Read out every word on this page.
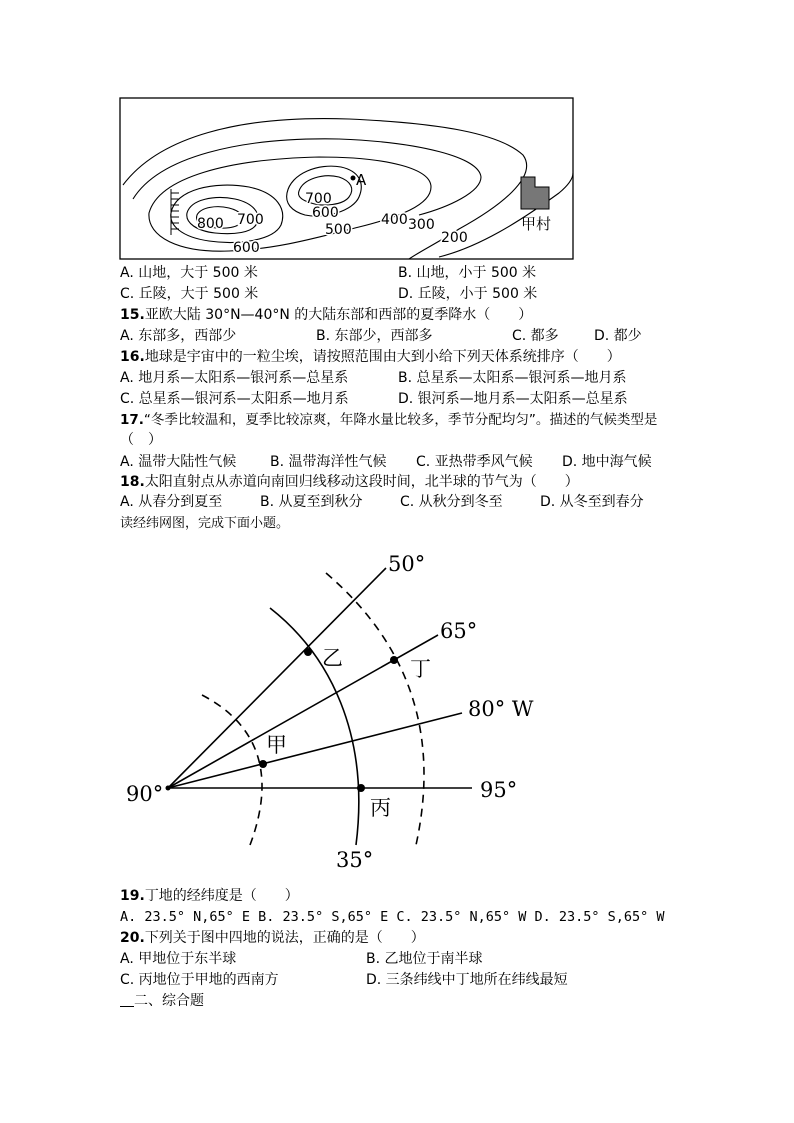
A
800 700
600
700
600
500
400 300
200
甲村
A. 山地，大于 500 米	B. 山地，小于 500 米
C. 丘陵，大于 500 米	D. 丘陵，小于 500 米
15.亚欧大陆 30°N—40°N 的大陆东部和西部的夏季降水（　　）
A. 东部多，西部少	B. 东部少，西部多	C. 都多	D. 都少
16.地球是宇宙中的一粒尘埃，请按照范围由大到小给下列天体系统排序（　　）
A. 地月系—太阳系—银河系—总星系	B. 总星系—太阳系—银河系—地月系
C. 总星系—银河系—太阳系—地月系	D. 银河系—地月系—太阳系—总星系
17.“冬季比较温和，夏季比较凉爽，年降水量比较多，季节分配均匀”。描述的气候类型是
（　）
A. 温带大陆性气候 B. 温带海洋性气候 C. 亚热带季风气候 D. 地中海气候
18.太阳直射点从赤道向南回归线移动这段时间，北半球的节气为（　　）
A. 从春分到夏至	B. 从夏至到秋分	C. 从秋分到冬至	D. 从冬至到春分
读经纬网图，完成下面小题。
50°
65°
80° W
90°	95°
35°
乙	丁
甲
丙
19.丁地的经纬度是（　　）
A. 23.5° N,65° E B. 23.5° S,65° E C. 23.5° N,65° W D. 23.5° S,65° W
20.下列关于图中四地的说法，正确的是（　　）
A. 甲地位于东半球	B. 乙地位于南半球
C. 丙地位于甲地的西南方	D. 三条纬线中丁地所在纬线最短
二、综合题
